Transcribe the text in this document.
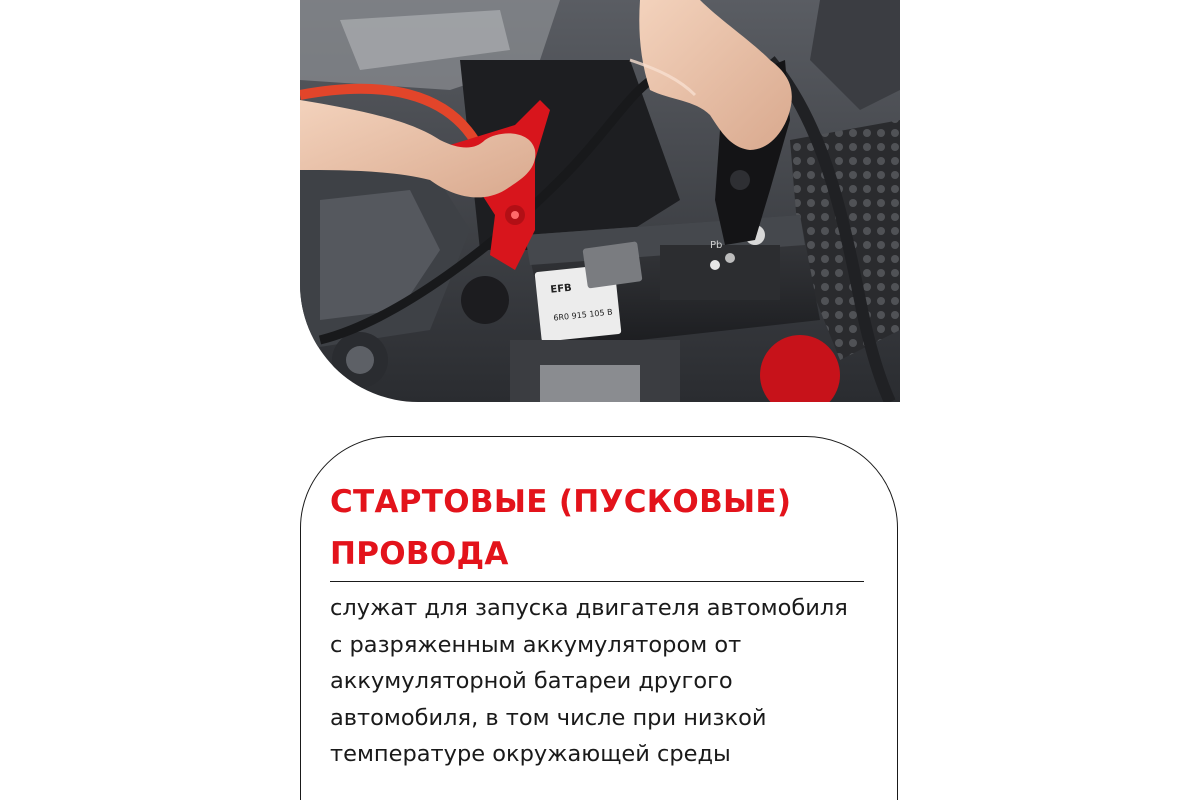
EFB
6R0 915 105 B
Pb
СТАРТОВЫЕ (ПУСКОВЫЕ)
ПРОВОДА

служат для запуска двигателя автомобиля
с разряженным аккумулятором от
аккумуляторной батареи другого
автомобиля, в том числе при низкой
температуре окружающей среды
